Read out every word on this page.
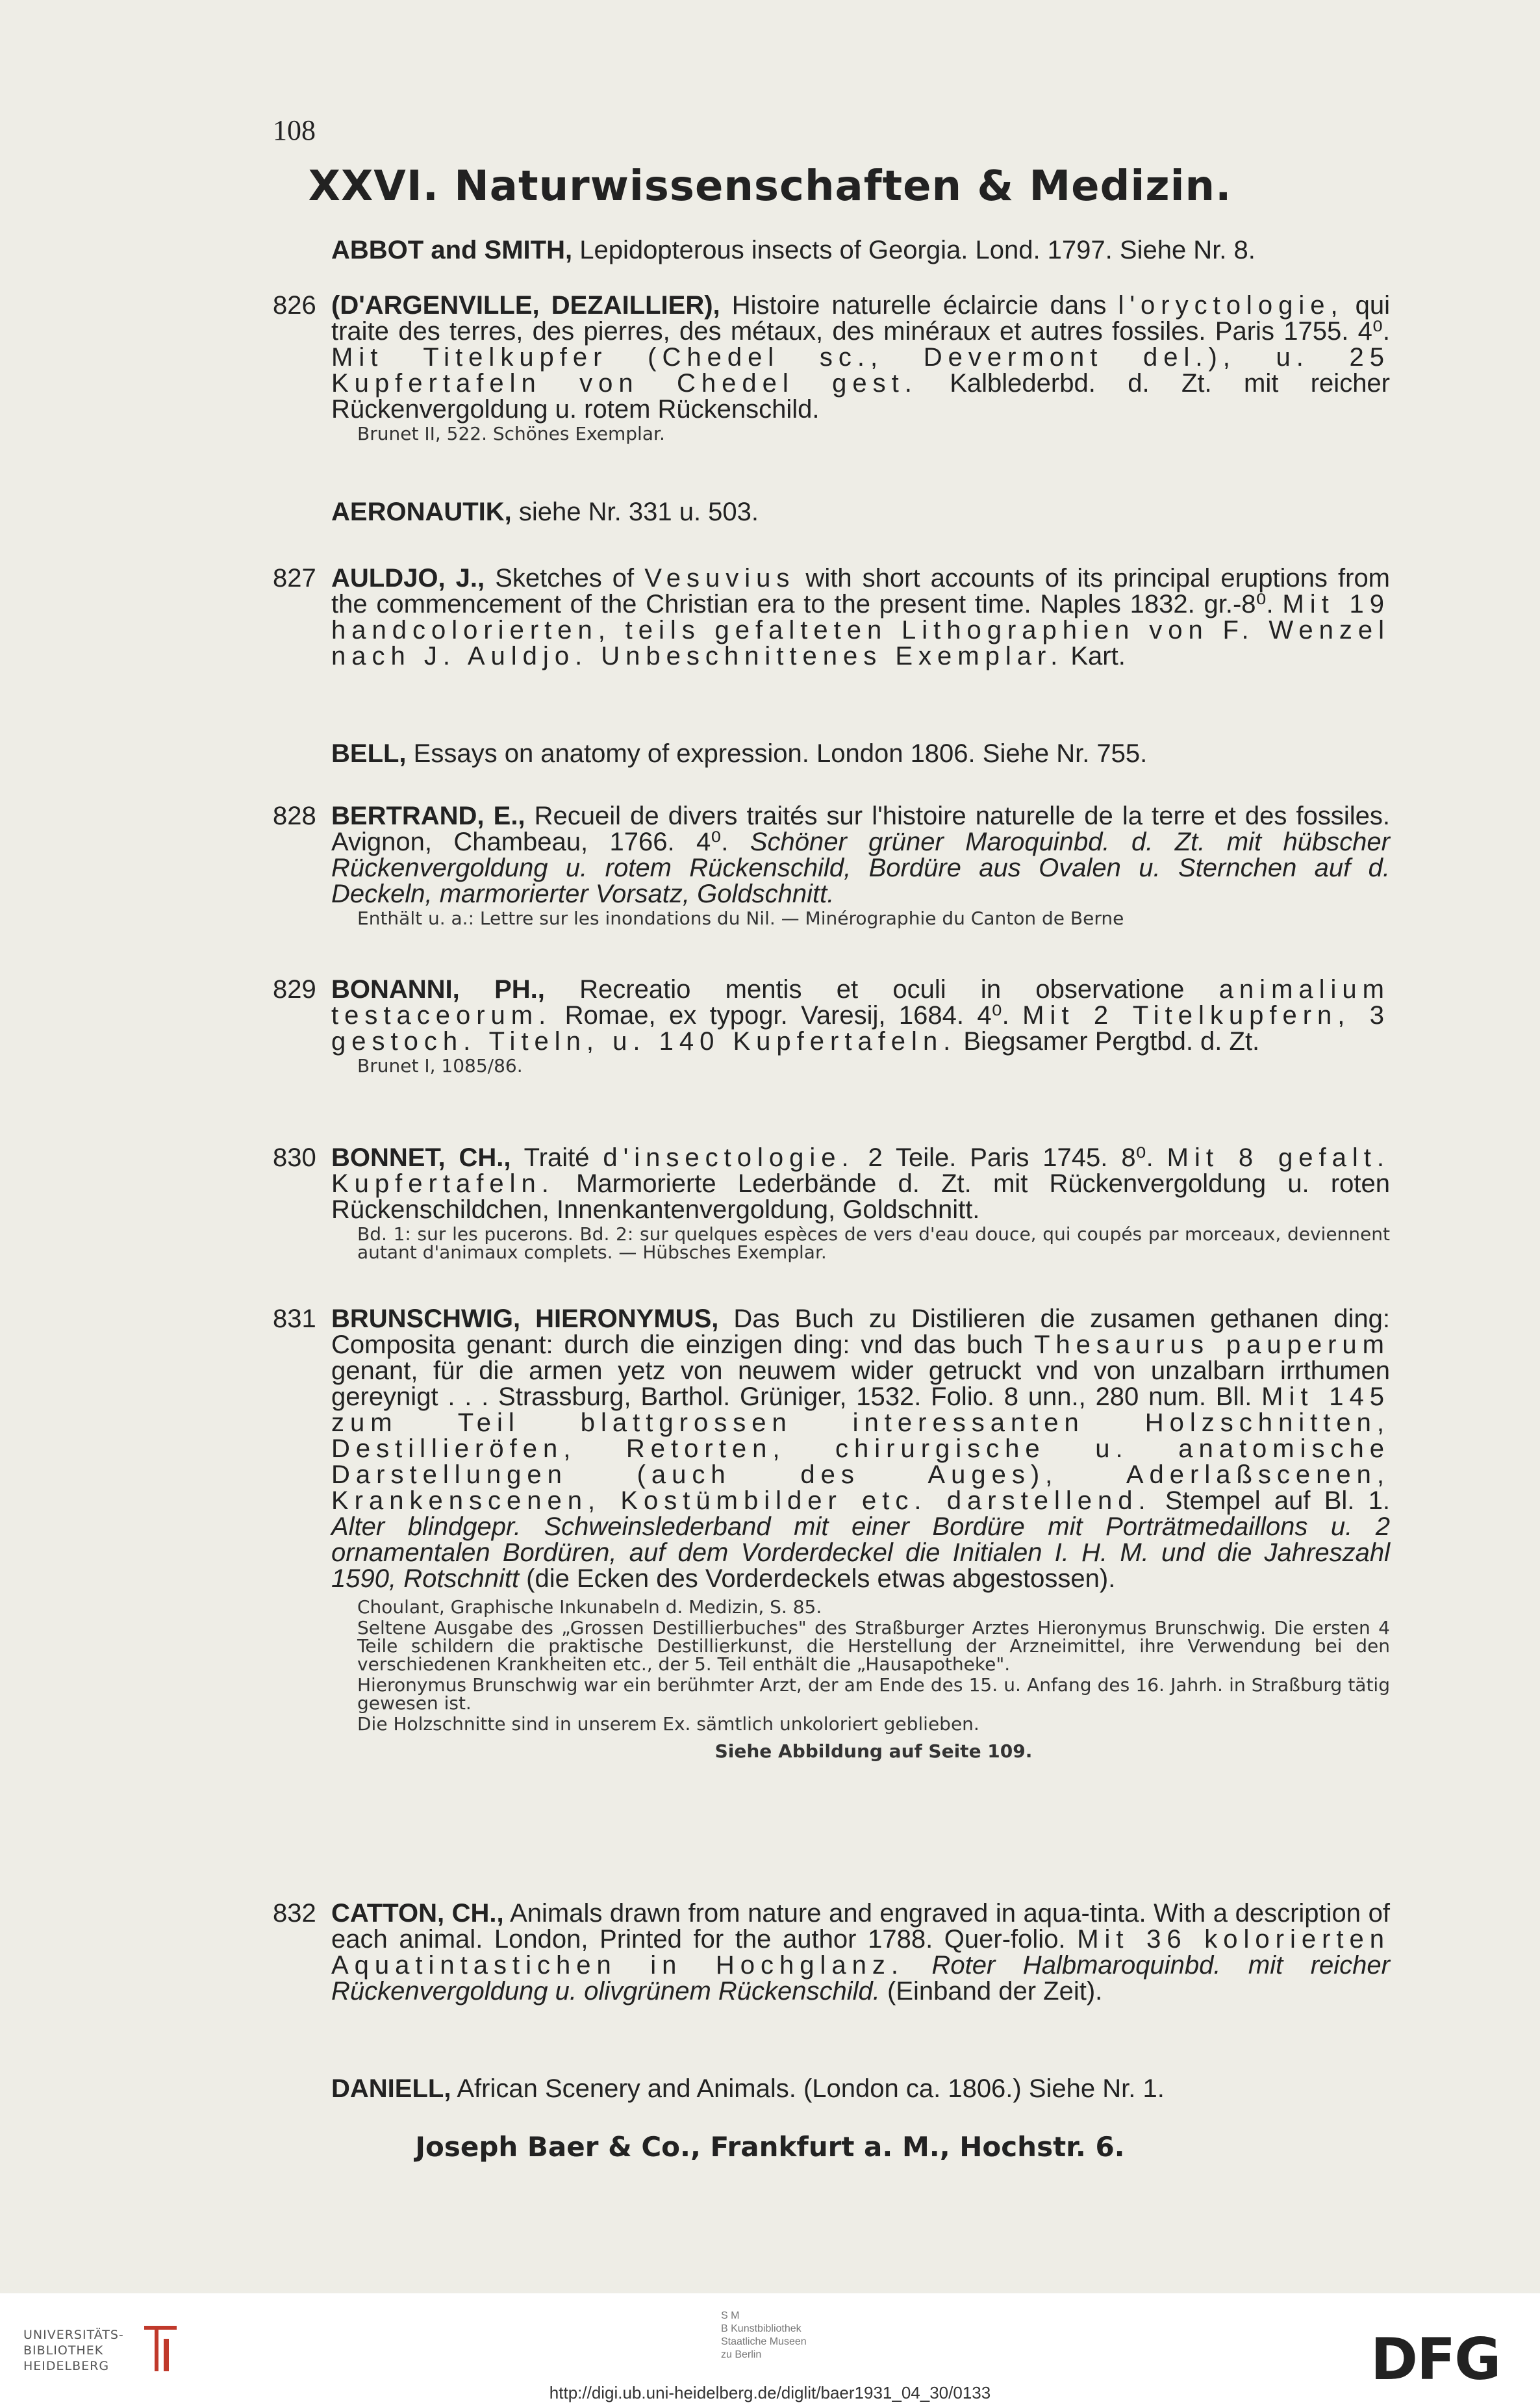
108
XXVI. Naturwissenschaften & Medizin.
ABBOT and SMITH, Lepidopterous insects of Georgia. Lond. 1797. Siehe Nr. 8.
826 (D'ARGENVILLE, DEZAILLIER), Histoire naturelle éclaircie dans l'oryctologie, qui traite des terres, des pierres, des métaux, des minéraux et autres fossiles. Paris 1755. 4⁰. Mit Titelkupfer (Chedel sc., Devermont del.), u. 25 Kupfertafeln von Chedel gest. Kalblederbd. d. Zt. mit reicher Rückenvergoldung u. rotem Rückenschild.
Brunet II, 522. Schönes Exemplar.
AERONAUTIK, siehe Nr. 331 u. 503.
827 AULDJO, J., Sketches of Vesuvius with short accounts of its principal eruptions from the commencement of the Christian era to the present time. Naples 1832. gr.-8⁰. Mit 19 handcolorierten, teils gefalteten Lithographien von F. Wenzel nach J. Auldjo. Unbeschnittenes Exemplar. Kart.
BELL, Essays on anatomy of expression. London 1806. Siehe Nr. 755.
828 BERTRAND, E., Recueil de divers traités sur l'histoire naturelle de la terre et des fossiles. Avignon, Chambeau, 1766. 4⁰. Schöner grüner Maroquinbd. d. Zt. mit hübscher Rückenvergoldung u. rotem Rückenschild, Bordüre aus Ovalen u. Sternchen auf d. Deckeln, marmorierter Vorsatz, Goldschnitt.
Enthält u. a.: Lettre sur les inondations du Nil. — Minérographie du Canton de Berne
829 BONANNI, PH., Recreatio mentis et oculi in observatione animalium testaceorum. Romae, ex typogr. Varesij, 1684. 4⁰. Mit 2 Titelkupfern, 3 gestoch. Titeln, u. 140 Kupfertafeln. Biegsamer Pergtbd. d. Zt.
Brunet I, 1085/86.
830 BONNET, CH., Traité d'insectologie. 2 Teile. Paris 1745. 8⁰. Mit 8 gefalt. Kupfertafeln. Marmorierte Lederbände d. Zt. mit Rückenvergoldung u. roten Rückenschildchen, Innenkantenvergoldung, Goldschnitt.
Bd. 1: sur les pucerons. Bd. 2: sur quelques espèces de vers d'eau douce, qui coupés par morceaux, deviennent autant d'animaux complets. — Hübsches Exemplar.
831 BRUNSCHWIG, HIERONYMUS, Das Buch zu Distilieren die zusamen gethanen ding: Composita genant: durch die einzigen ding: vnd das buch Thesaurus pauperum genant, für die armen yetz von neuwem wider getruckt vnd von unzalbarn irrthumen gereynigt . . . Strassburg, Barthol. Grüniger, 1532. Folio. 8 unn., 280 num. Bll. Mit 145 zum Teil blattgrossen interessanten Holzschnitten, Destillieröfen, Retorten, chirurgische u. anatomische Darstellungen (auch des Auges), Aderlaßscenen, Krankenscenen, Kostümbilder etc. darstellend. Stempel auf Bl. 1. Alter blindgepr. Schweinslederband mit einer Bordüre mit Porträtmedaillons u. 2 ornamentalen Bordüren, auf dem Vorderdeckel die Initialen I. H. M. und die Jahreszahl 1590, Rotschnitt (die Ecken des Vorderdeckels etwas abgestossen).
Choulant, Graphische Inkunabeln d. Medizin, S. 85.
Seltene Ausgabe des „Grossen Destillierbuches" des Straßburger Arztes Hieronymus Brunschwig. Die ersten 4 Teile schildern die praktische Destillierkunst, die Herstellung der Arzneimittel, ihre Verwendung bei den verschiedenen Krankheiten etc., der 5. Teil enthält die „Hausapotheke".
Hieronymus Brunschwig war ein berühmter Arzt, der am Ende des 15. u. Anfang des 16. Jahrh. in Straßburg tätig gewesen ist.
Die Holzschnitte sind in unserem Ex. sämtlich unkoloriert geblieben.
Siehe Abbildung auf Seite 109.
832 CATTON, CH., Animals drawn from nature and engraved in aqua-tinta. With a description of each animal. London, Printed for the author 1788. Quer-folio. Mit 36 kolorierten Aquatintastichen in Hochglanz. Roter Halbmaroquinbd. mit reicher Rückenvergoldung u. olivgrünem Rückenschild. (Einband der Zeit).
DANIELL, African Scenery and Animals. (London ca. 1806.) Siehe Nr. 1.
Joseph Baer & Co., Frankfurt a. M., Hochstr. 6.
UNIVERSITÄTS-
BIBLIOTHEK
HEIDELBERG
S M
B Kunstbibliothek
Staatliche Museen
zu Berlin	DFG
http://digi.ub.uni-heidelberg.de/diglit/baer1931_04_30/0133
